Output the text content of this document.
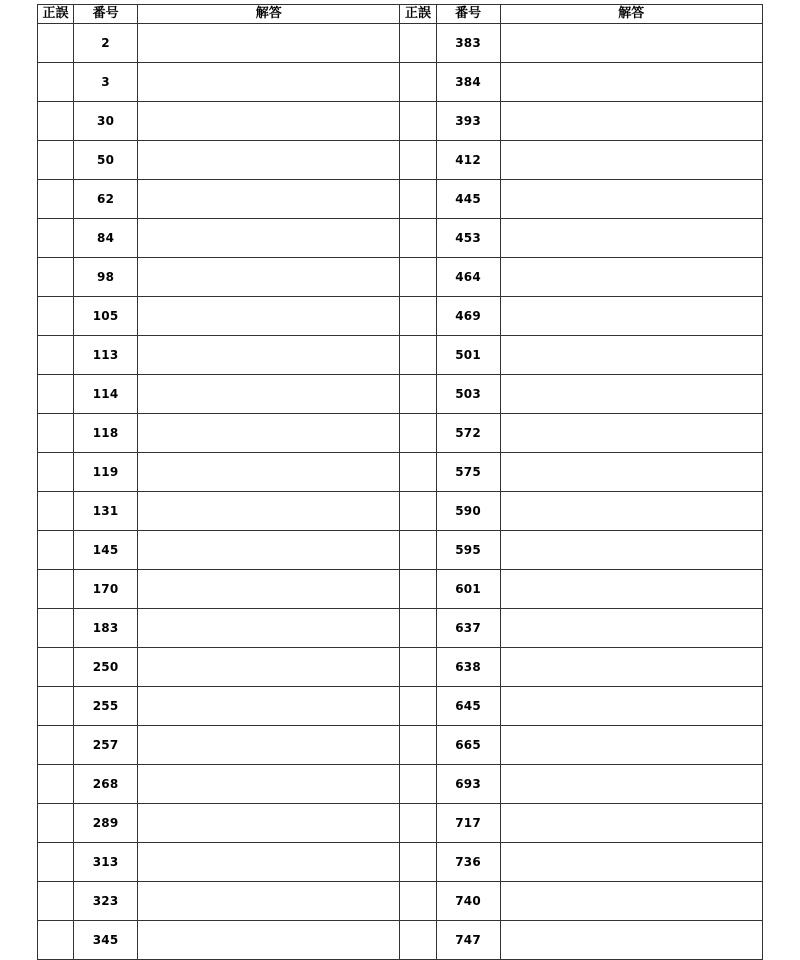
正誤	番号	解答	正誤	番号	解答
	2			383	
	3			384	
	30			393	
	50			412	
	62			445	
	84			453	
	98			464	
	105			469	
	113			501	
	114			503	
	118			572	
	119			575	
	131			590	
	145			595	
	170			601	
	183			637	
	250			638	
	255			645	
	257			665	
	268			693	
	289			717	
	313			736	
	323			740	
	345			747	
